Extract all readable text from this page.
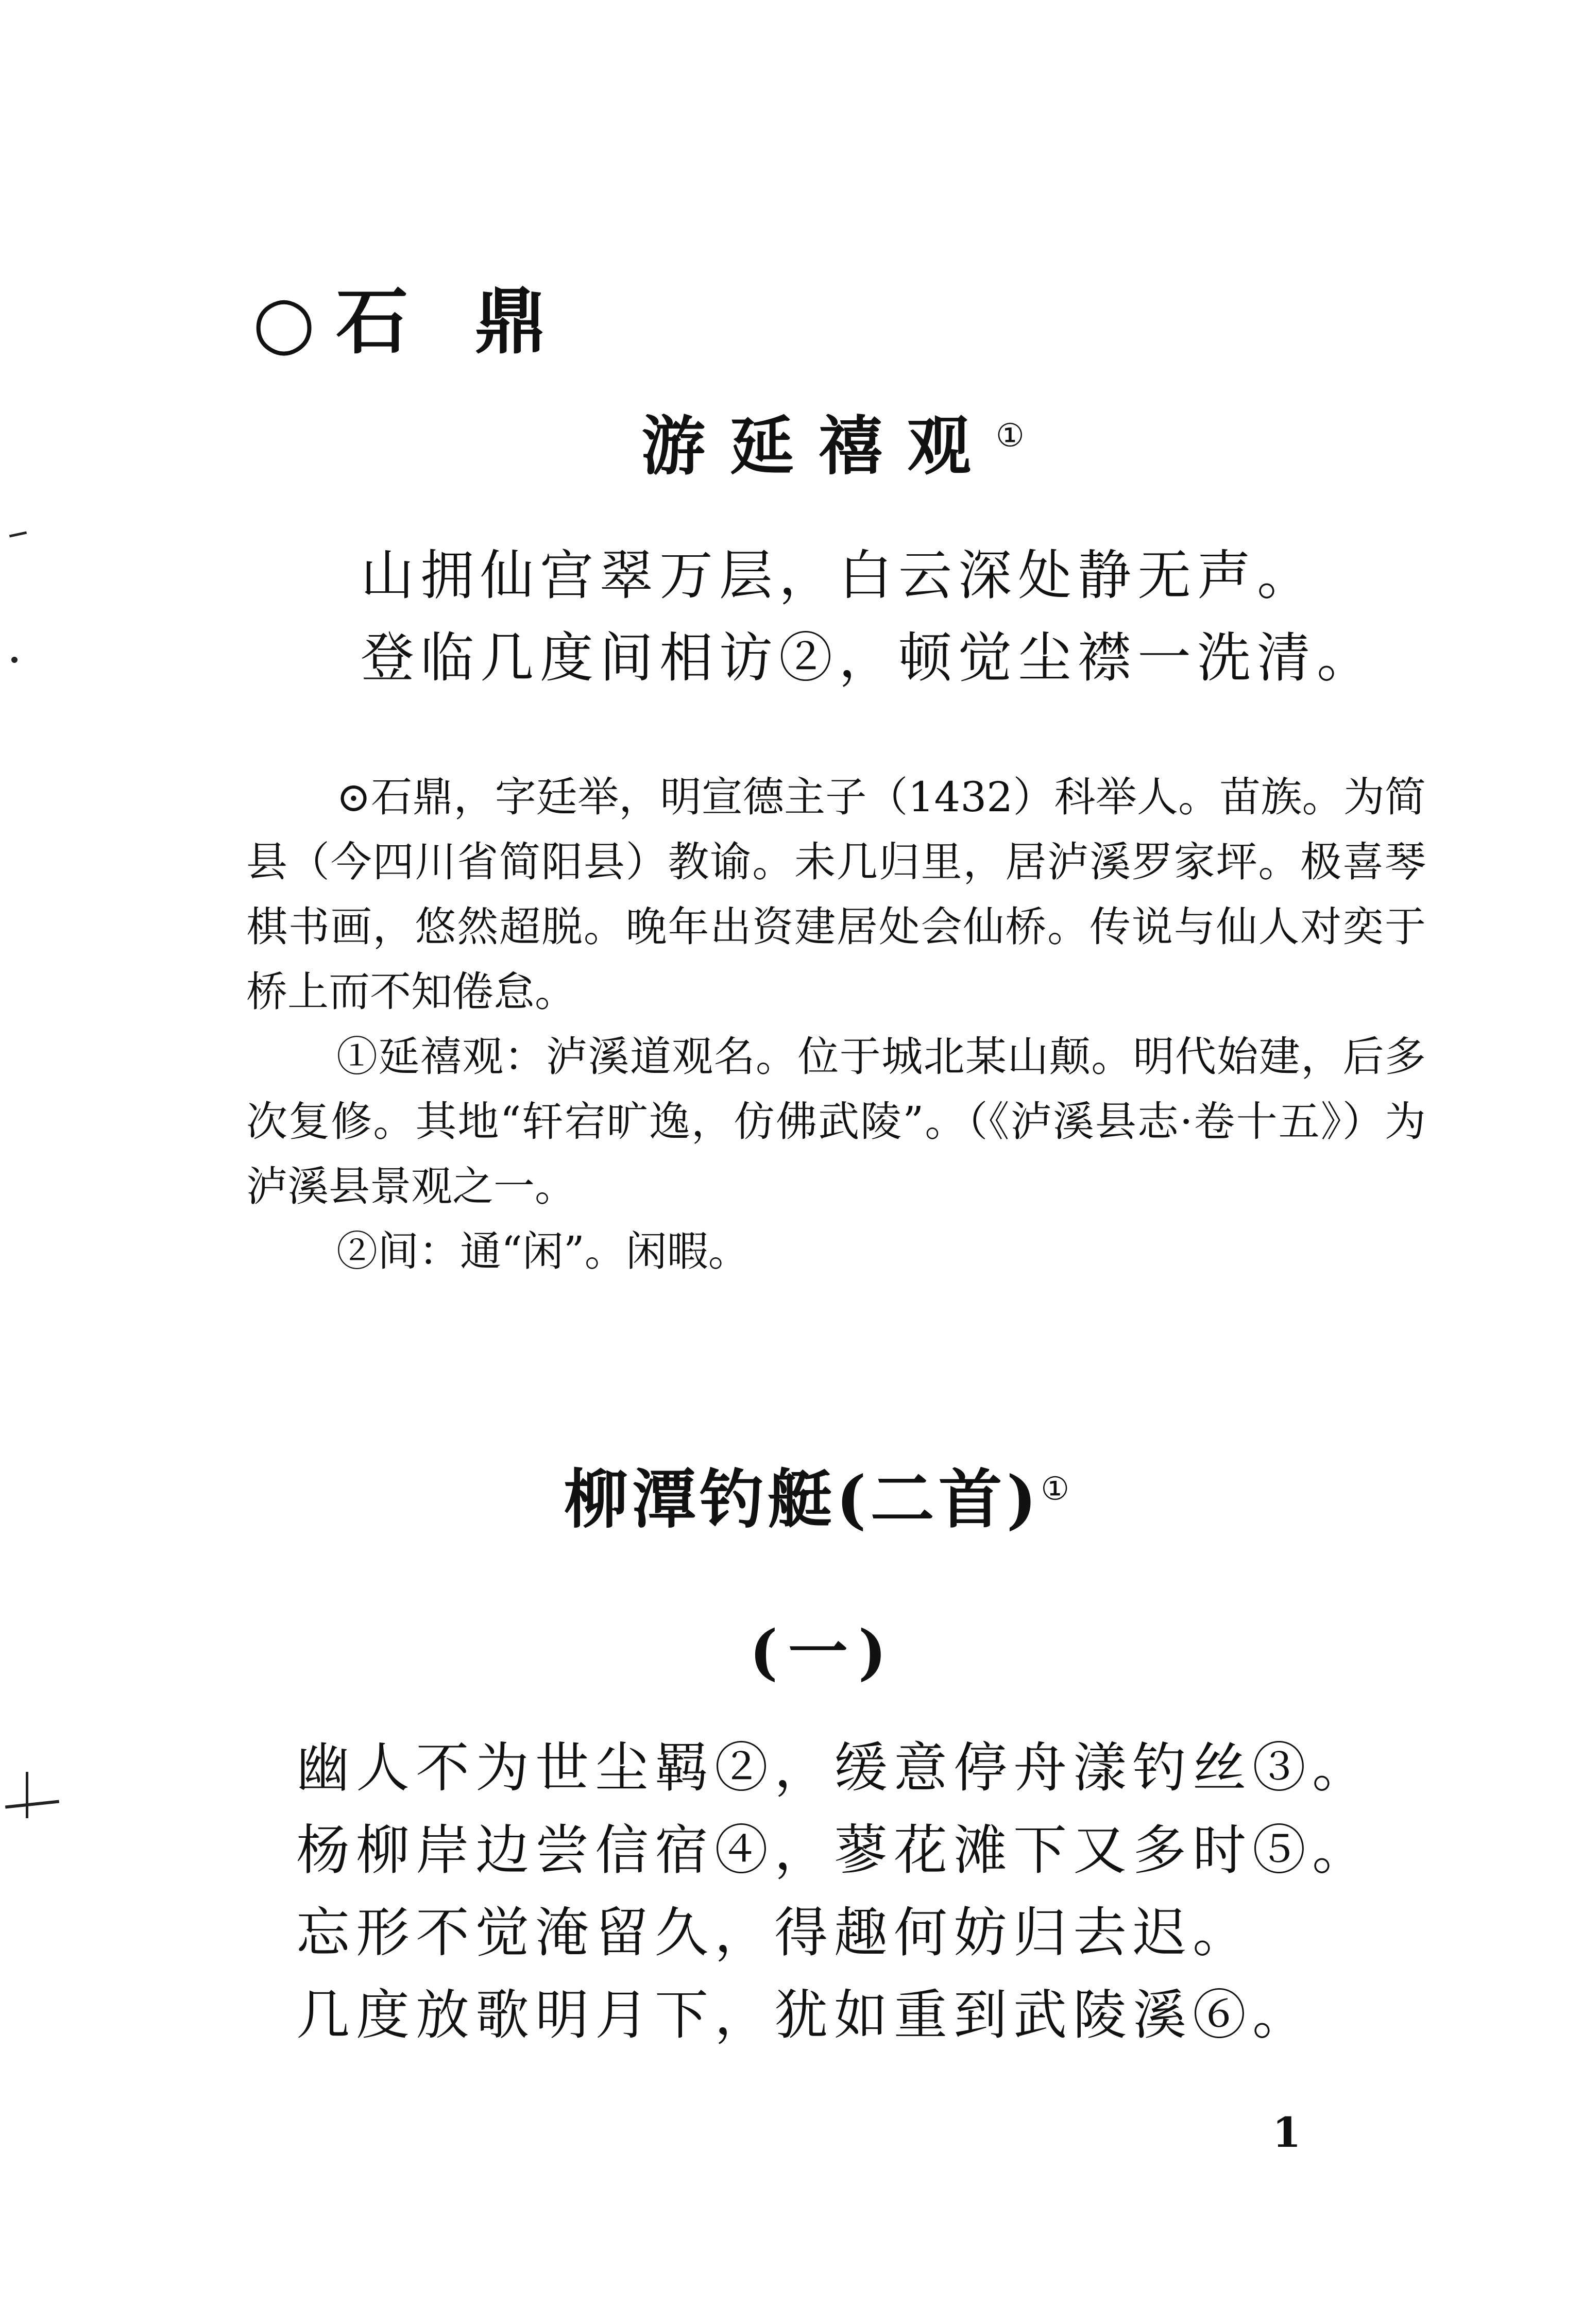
○石 鼎
游延禧观①
山拥仙宫翠万层，白云深处静无声。
登临几度间相访②，顿觉尘襟一洗清。

⊙石鼎，字廷举，明宣德主子（1432）科举人。苗族。为简县（今四川省简阳县）教谕。未几归里，居泸溪罗家坪。极喜琴棋书画，悠然超脱。晚年出资建居处会仙桥。传说与仙人对奕于桥上而不知倦怠。

①延禧观：泸溪道观名。位于城北某山颠。明代始建，后多次复修。其地“轩宕旷逸，仿佛武陵”。（《泸溪县志·卷十五》）为泸溪县景观之一。

②间：通“闲”。闲暇。

柳潭钓艇(二首)①
(一)
幽人不为世尘羁②，缓意停舟漾钓丝③。
杨柳岸边尝信宿④，蓼花滩下又多时⑤。
忘形不觉淹留久，得趣何妨归去迟。
几度放歌明月下，犹如重到武陵溪⑥。
1
